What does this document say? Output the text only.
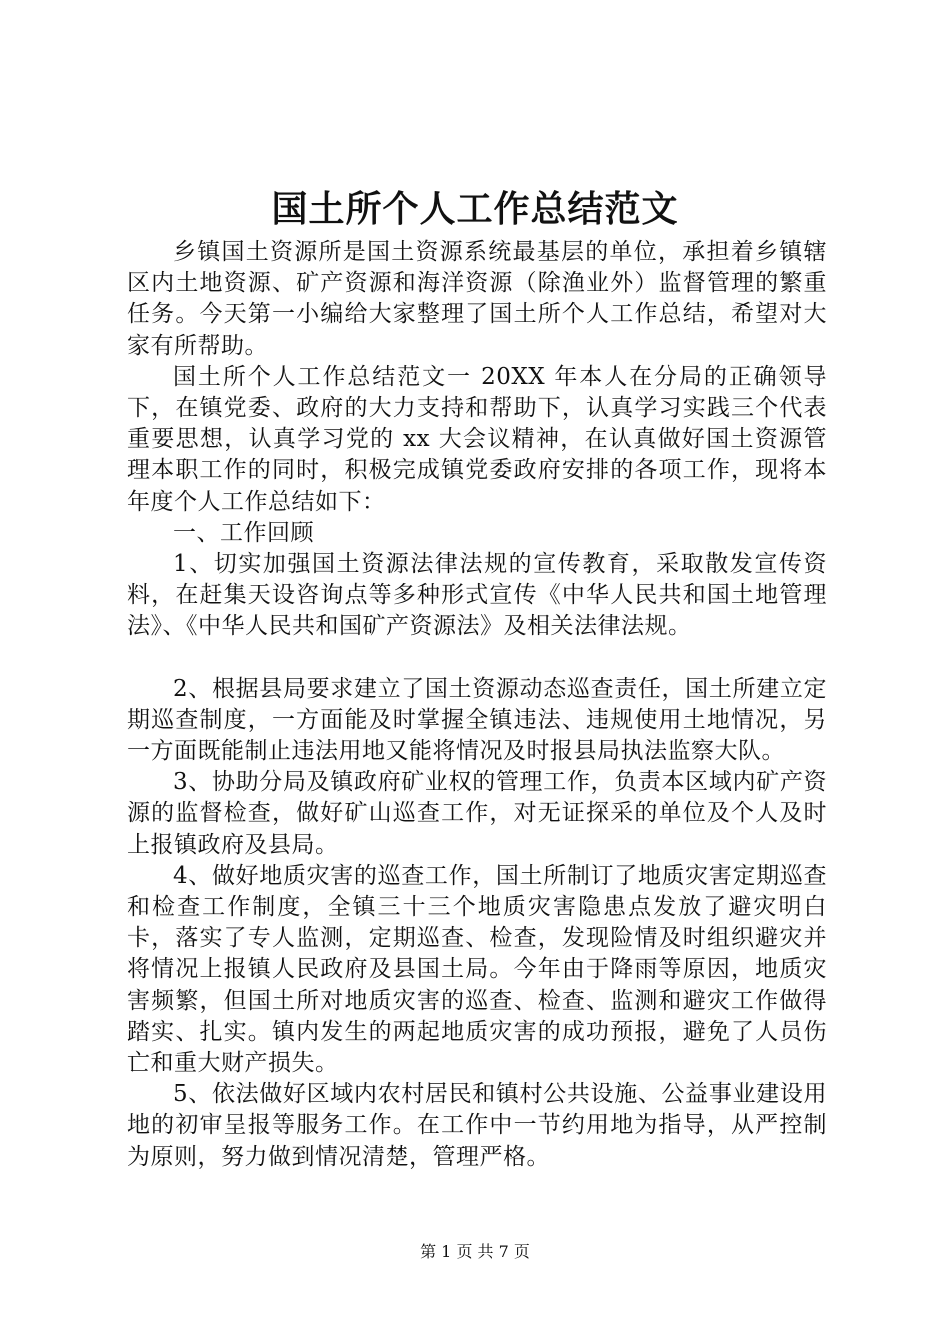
国土所个人工作总结范文

乡镇国土资源所是国土资源系统最基层的单位，承担着乡镇辖区内土地资源、矿产资源和海洋资源（除渔业外）监督管理的繁重任务。今天第一小编给大家整理了国土所个人工作总结，希望对大家有所帮助。

国土所个人工作总结范文一 20XX 年本人在分局的正确领导下，在镇党委、政府的大力支持和帮助下，认真学习实践三个代表重要思想，认真学习党的 xx 大会议精神，在认真做好国土资源管理本职工作的同时，积极完成镇党委政府安排的各项工作，现将本年度个人工作总结如下：

一、工作回顾

1、切实加强国土资源法律法规的宣传教育，采取散发宣传资料，在赶集天设咨询点等多种形式宣传《中华人民共和国土地管理法》、《中华人民共和国矿产资源法》及相关法律法规。

2、根据县局要求建立了国土资源动态巡查责任，国土所建立定期巡查制度，一方面能及时掌握全镇违法、违规使用土地情况，另一方面既能制止违法用地又能将情况及时报县局执法监察大队。

3、协助分局及镇政府矿业权的管理工作，负责本区域内矿产资源的监督检查，做好矿山巡查工作，对无证探采的单位及个人及时上报镇政府及县局。

4、做好地质灾害的巡查工作，国土所制订了地质灾害定期巡查和检查工作制度，全镇三十三个地质灾害隐患点发放了避灾明白卡，落实了专人监测，定期巡查、检查，发现险情及时组织避灾并将情况上报镇人民政府及县国土局。今年由于降雨等原因，地质灾害频繁，但国土所对地质灾害的巡查、检查、监测和避灾工作做得踏实、扎实。镇内发生的两起地质灾害的成功预报，避免了人员伤亡和重大财产损失。

5、依法做好区域内农村居民和镇村公共设施、公益事业建设用地的初审呈报等服务工作。在工作中一节约用地为指导，从严控制为原则，努力做到情况清楚，管理严格。

第 1 页 共 7 页
